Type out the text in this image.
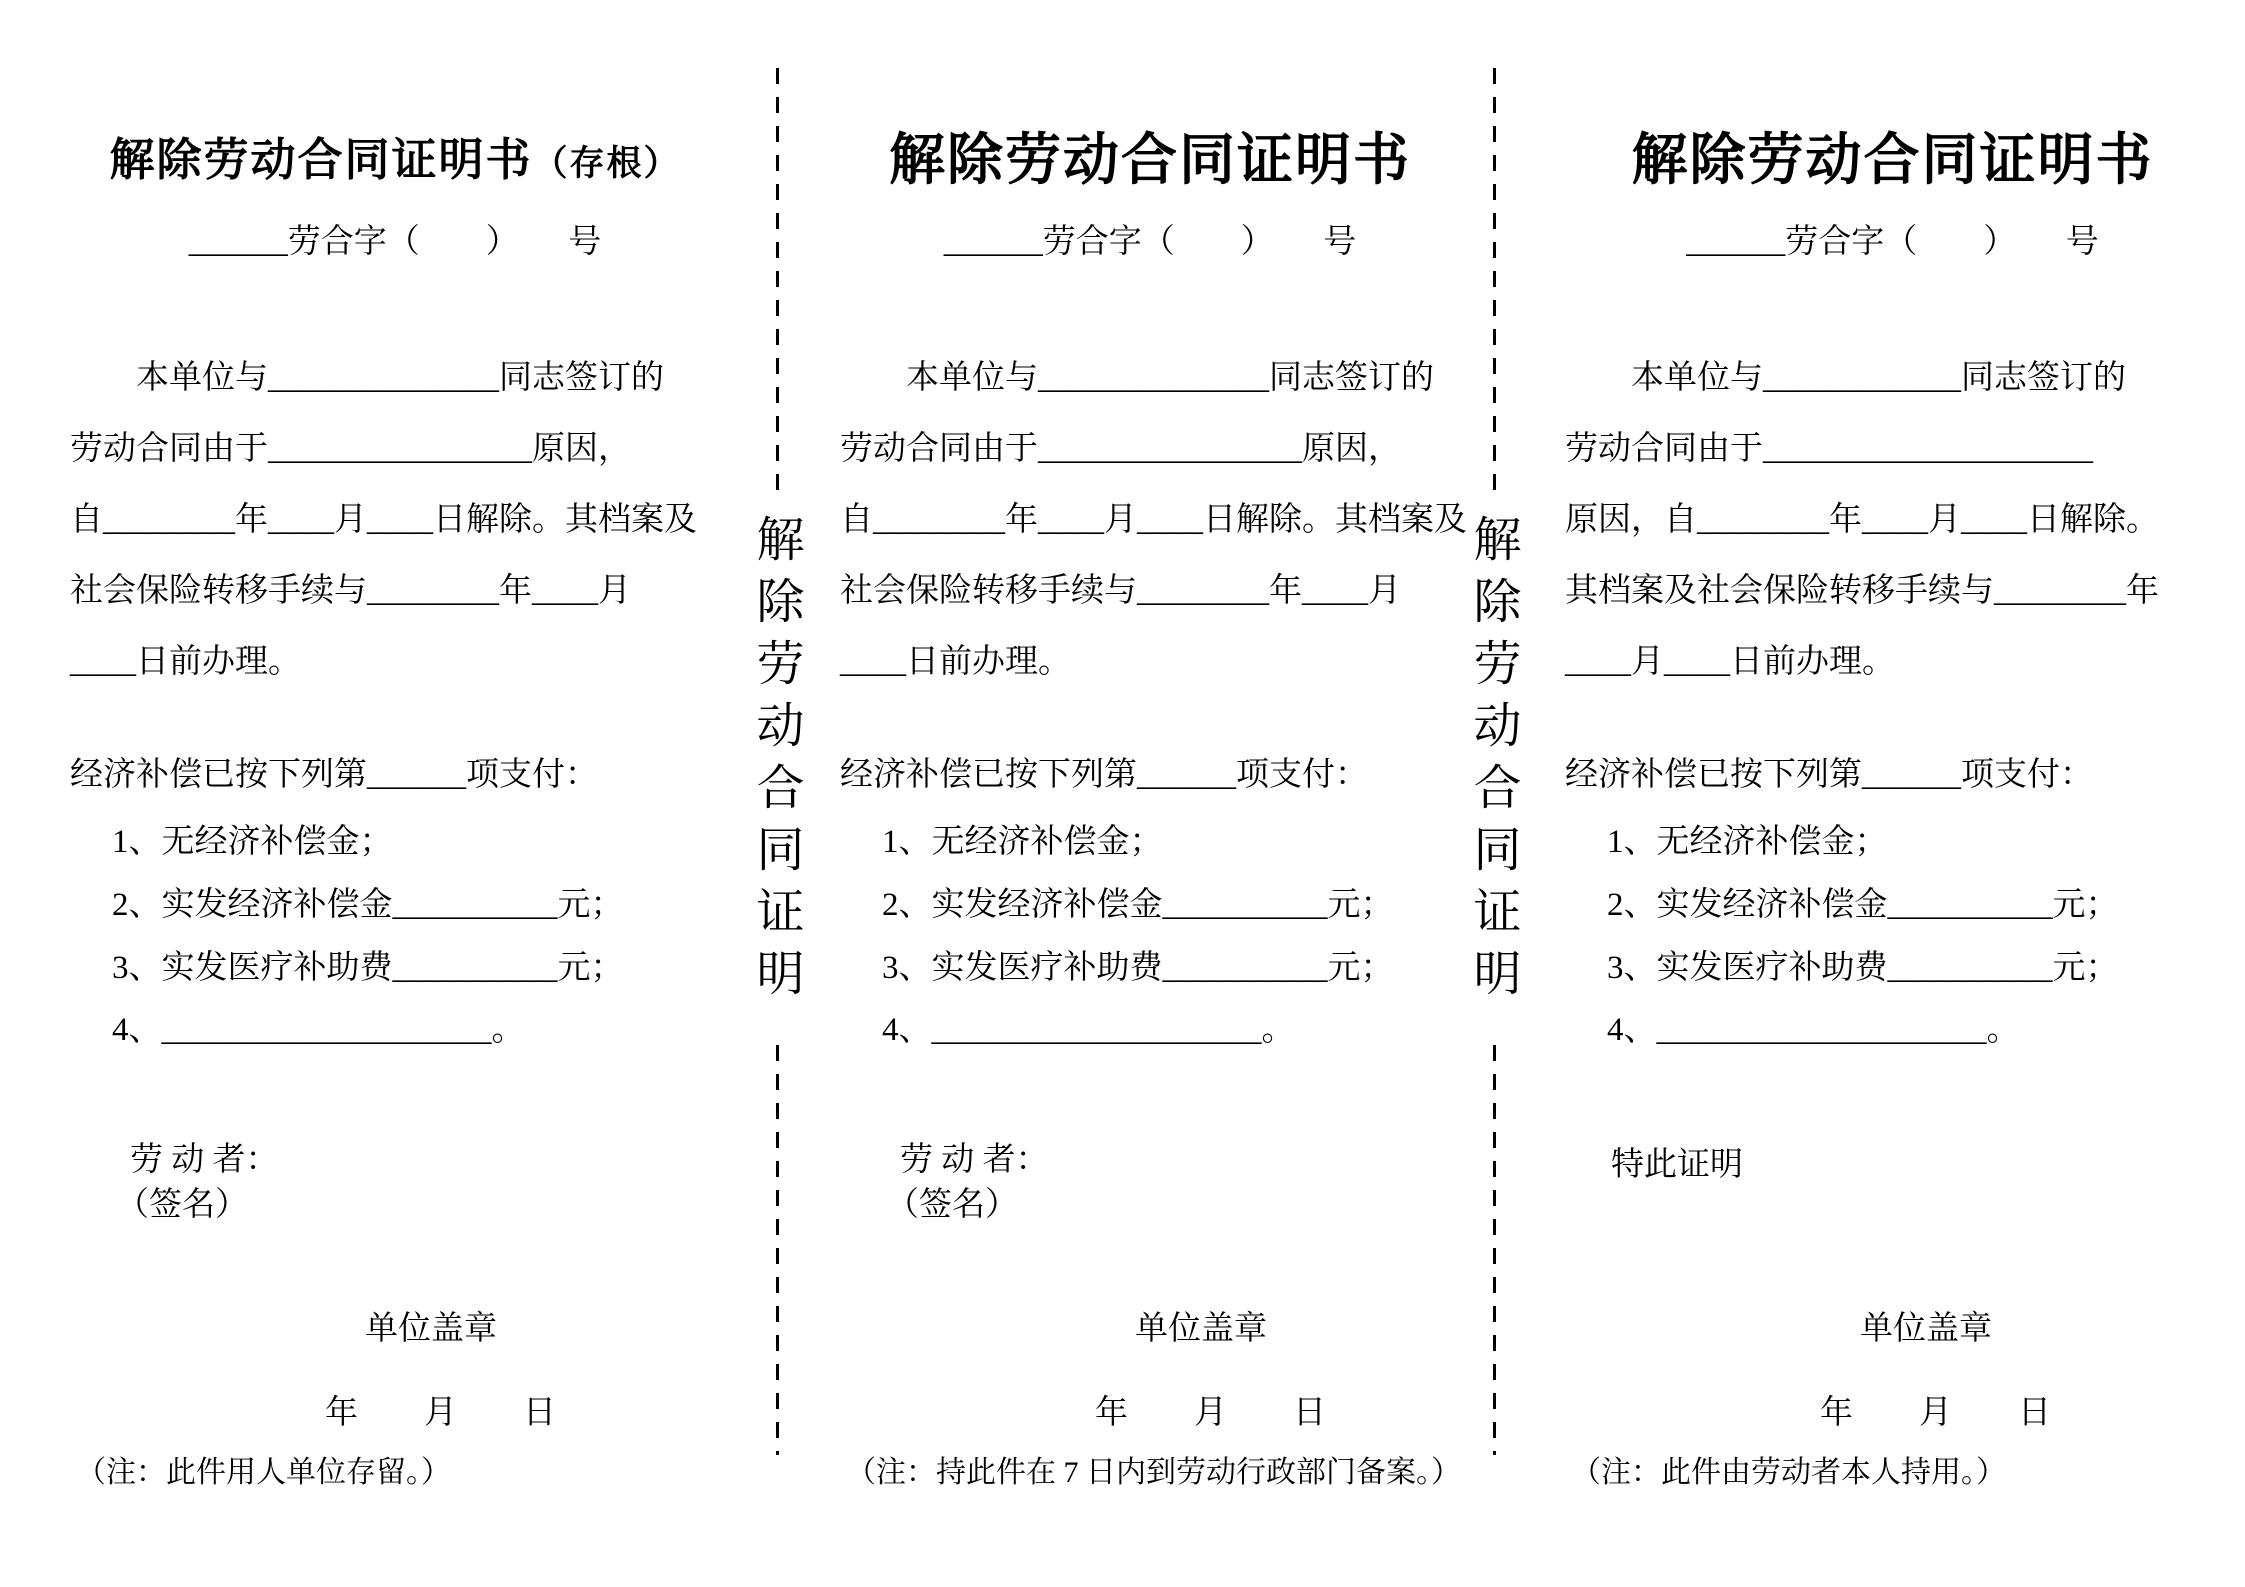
解除劳动合同证明书（存根）
______劳合字（　　）　　号

　　本单位与______________同志签订的

劳动合同由于________________原因，

自________年____月____日解除。其档案及

社会保险转移手续与________年____月

____日前办理。

经济补偿已按下列第______项支付：

1、无经济补偿金；

2、实发经济补偿金__________元；

3、实发医疗补助费__________元；

4、____________________。

劳 动 者：

（签名）

单位盖章

年　　月　　日

（注：此件用人单位存留。）

解除劳动合同证明
解除劳动合同证明书
______劳合字（　　）　　号

　　本单位与______________同志签订的

劳动合同由于________________原因，

自________年____月____日解除。其档案及

社会保险转移手续与________年____月

____日前办理。

经济补偿已按下列第______项支付：

1、无经济补偿金；

2、实发经济补偿金__________元；

3、实发医疗补助费__________元；

4、____________________。

劳 动 者：

（签名）

单位盖章

年　　月　　日

（注：持此件在 7 日内到劳动行政部门备案。）

解除劳动合同证明
解除劳动合同证明书
______劳合字（　　）　　号

　　本单位与____________同志签订的

劳动合同由于____________________

原因，自________年____月____日解除。

其档案及社会保险转移手续与________年

____月____日前办理。

经济补偿已按下列第______项支付：

1、无经济补偿金；

2、实发经济补偿金__________元；

3、实发医疗补助费__________元；

4、____________________。

特此证明

单位盖章

年　　月　　日

（注：此件由劳动者本人持用。）
